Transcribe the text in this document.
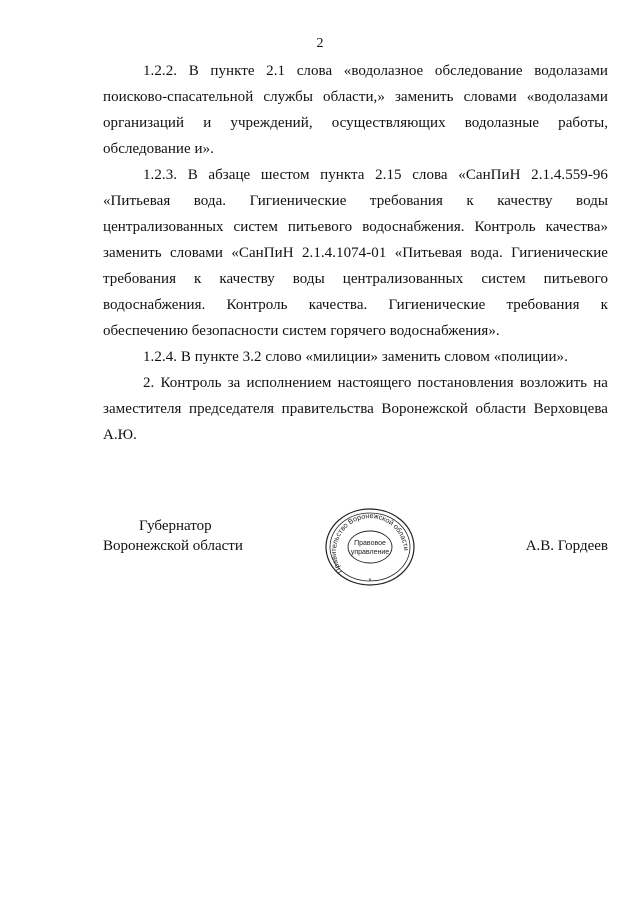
2

1.2.2. В пункте 2.1 слова «водолазное обследование водолазами поисково-спасательной службы области,» заменить словами «водолазами организаций и учреждений, осуществляющих водолазные работы, обследование и».

1.2.3. В абзаце шестом пункта 2.15 слова «СанПиН 2.1.4.559-96 «Питьевая вода. Гигиенические требования к качеству воды централизованных систем питьевого водоснабжения. Контроль качества» заменить словами «СанПиН 2.1.4.1074-01 «Питьевая вода. Гигиенические требования к качеству воды централизованных систем питьевого водоснабжения. Контроль качества. Гигиенические требования к обеспечению безопасности систем горячего водоснабжения».

1.2.4. В пункте 3.2 слово «милиции» заменить словом «полиции».

2. Контроль за исполнением настоящего постановления возложить на заместителя председателя правительства Воронежской области Верховцева А.Ю.

Губернатор
Воронежской области
Правительство Воронежской области
Правовое
управление
*
А.В. Гордеев
